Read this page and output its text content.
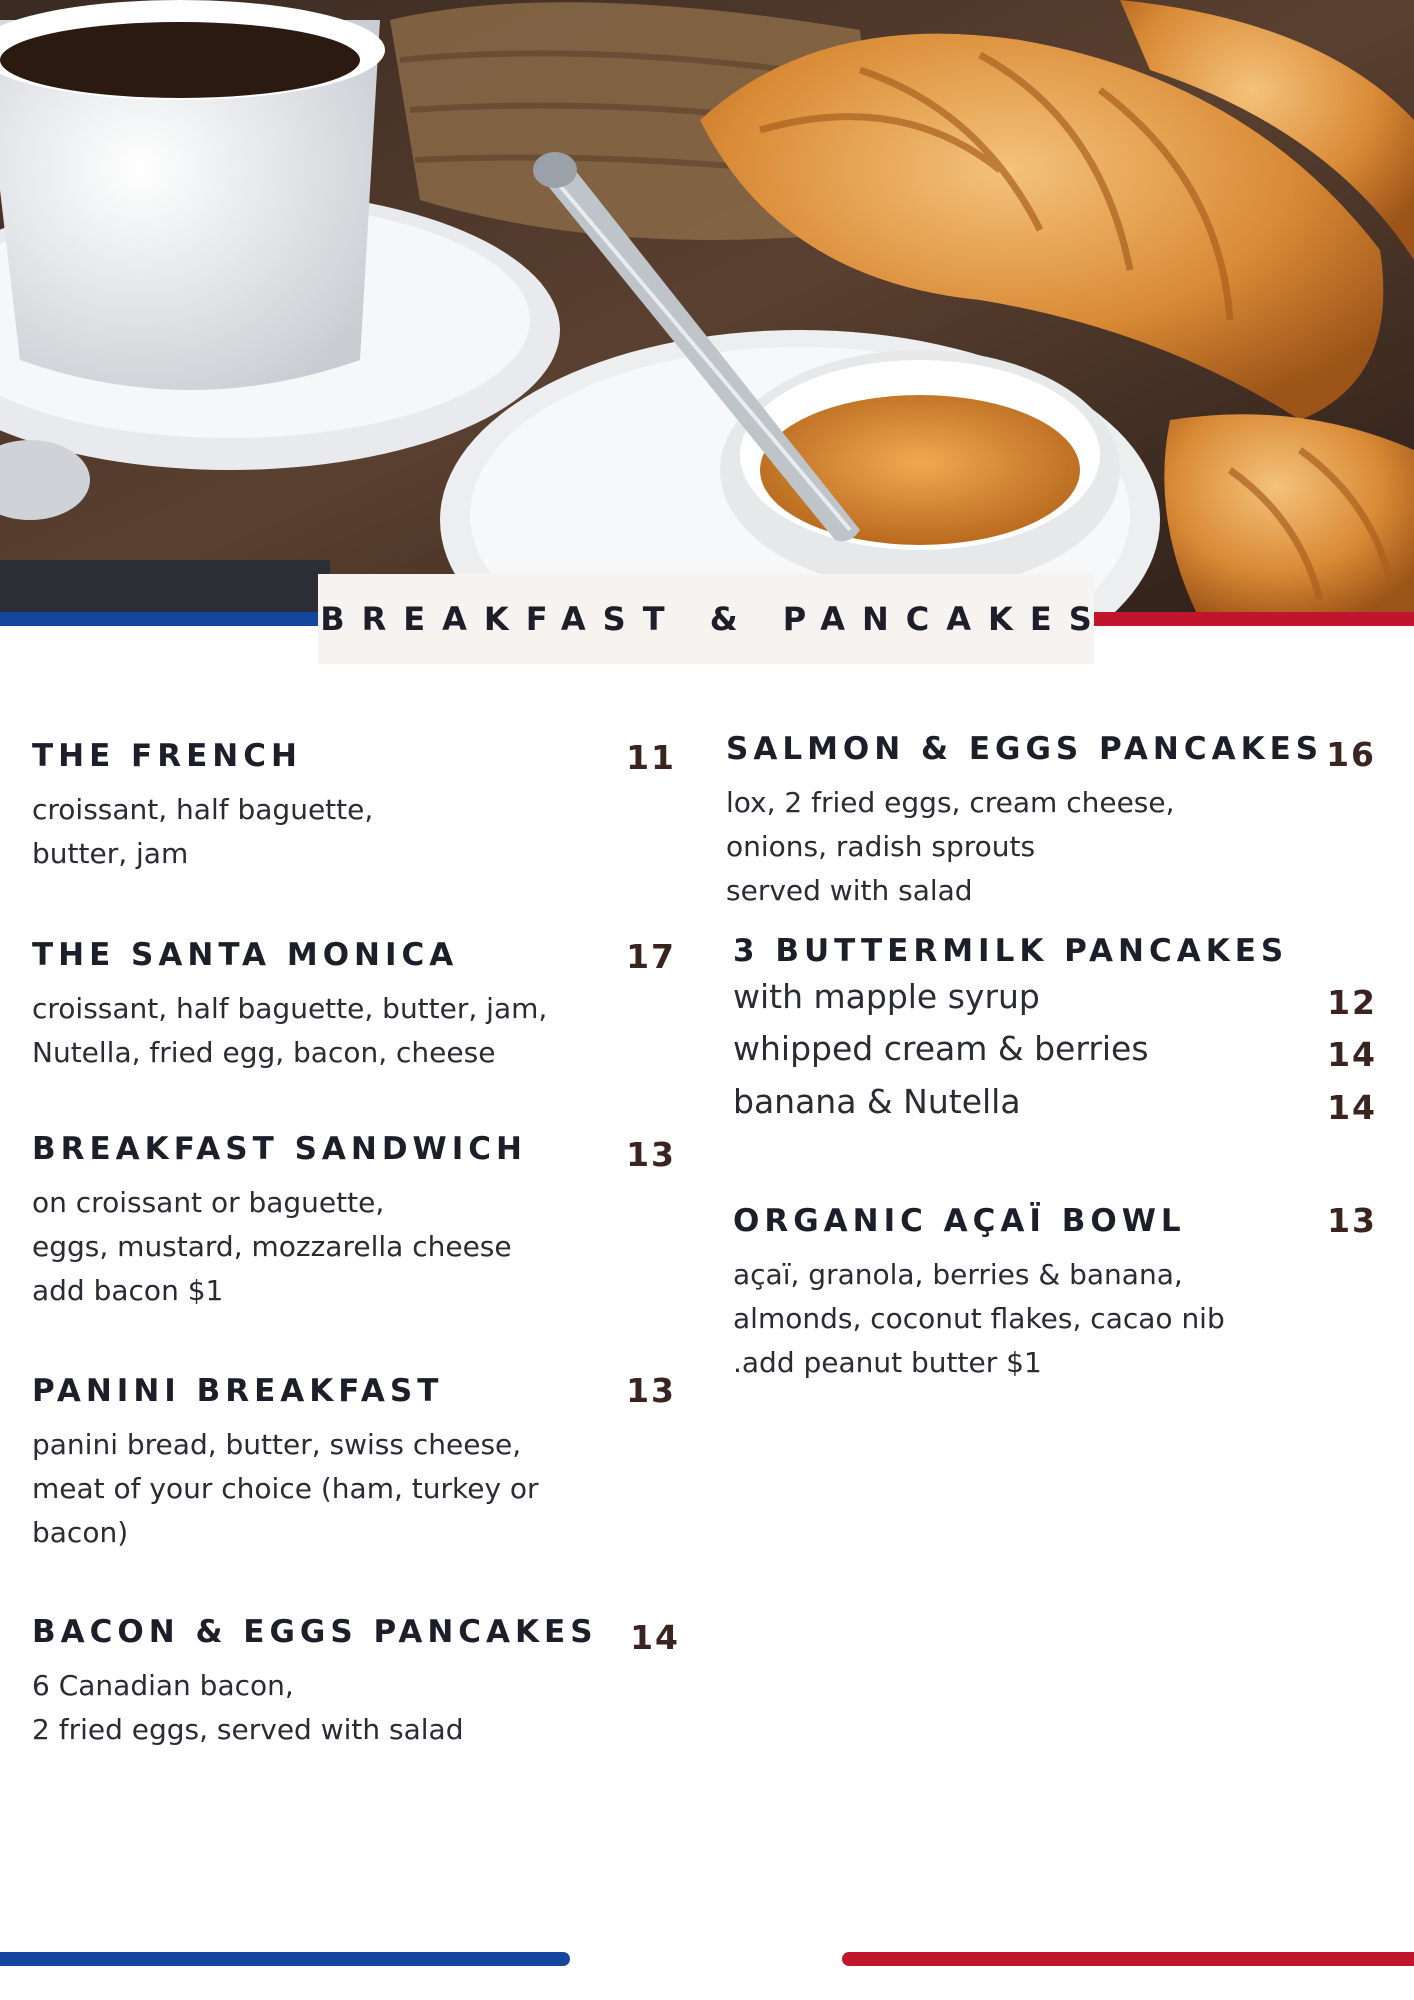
BREAKFAST & PANCAKES
THE FRENCH	11
croissant, half baguette,
butter, jam
THE SANTA MONICA	17
croissant, half baguette, butter, jam,
Nutella, fried egg, bacon, cheese
BREAKFAST SANDWICH	13
on croissant or baguette,
eggs, mustard, mozzarella cheese
add bacon $1
PANINI BREAKFAST	13
panini bread, butter, swiss cheese,
meat of your choice (ham, turkey or
bacon)
BACON & EGGS PANCAKES 14
6 Canadian bacon,
2 fried eggs, served with salad
SALMON & EGGS PANCAKES 16
lox, 2 fried eggs, cream cheese,
onions, radish sprouts
served with salad
3 BUTTERMILK PANCAKES
with mapple syrup	12
whipped cream & berries	14
banana & Nutella	14
ORGANIC AÇAÏ BOWL	13
açaï, granola, berries & banana,
almonds, coconut flakes, cacao nib
.add peanut butter $1
